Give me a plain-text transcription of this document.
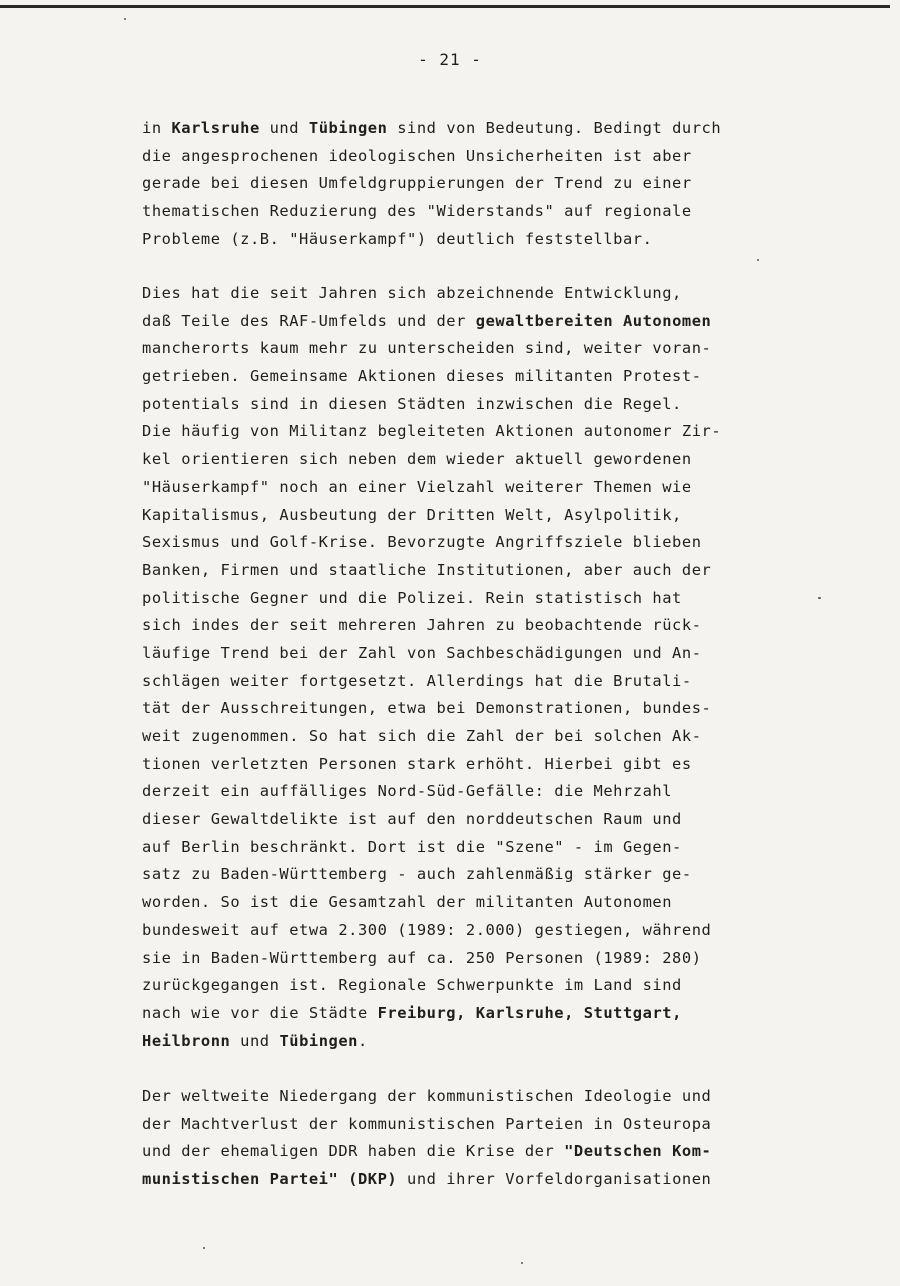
- 21 -

in Karlsruhe und Tübingen sind von Bedeutung. Bedingt durch
die angesprochenen ideologischen Unsicherheiten ist aber
gerade bei diesen Umfeldgruppierungen der Trend zu einer
thematischen Reduzierung des "Widerstands" auf regionale
Probleme (z.B. "Häuserkampf") deutlich feststellbar.

Dies hat die seit Jahren sich abzeichnende Entwicklung,
daß Teile des RAF-Umfelds und der gewaltbereiten Autonomen
mancherorts kaum mehr zu unterscheiden sind, weiter voran-
getrieben. Gemeinsame Aktionen dieses militanten Protest-
potentials sind in diesen Städten inzwischen die Regel.
Die häufig von Militanz begleiteten Aktionen autonomer Zir-
kel orientieren sich neben dem wieder aktuell gewordenen
"Häuserkampf" noch an einer Vielzahl weiterer Themen wie
Kapitalismus, Ausbeutung der Dritten Welt, Asylpolitik,
Sexismus und Golf-Krise. Bevorzugte Angriffsziele blieben
Banken, Firmen und staatliche Institutionen, aber auch der
politische Gegner und die Polizei. Rein statistisch hat
sich indes der seit mehreren Jahren zu beobachtende rück-
läufige Trend bei der Zahl von Sachbeschädigungen und An-
schlägen weiter fortgesetzt. Allerdings hat die Brutali-
tät der Ausschreitungen, etwa bei Demonstrationen, bundes-
weit zugenommen. So hat sich die Zahl der bei solchen Ak-
tionen verletzten Personen stark erhöht. Hierbei gibt es
derzeit ein auffälliges Nord-Süd-Gefälle: die Mehrzahl
dieser Gewaltdelikte ist auf den norddeutschen Raum und
auf Berlin beschränkt. Dort ist die "Szene" - im Gegen-
satz zu Baden-Württemberg - auch zahlenmäßig stärker ge-
worden. So ist die Gesamtzahl der militanten Autonomen
bundesweit auf etwa 2.300 (1989: 2.000) gestiegen, während
sie in Baden-Württemberg auf ca. 250 Personen (1989: 280)
zurückgegangen ist. Regionale Schwerpunkte im Land sind
nach wie vor die Städte Freiburg, Karlsruhe, Stuttgart,
Heilbronn und Tübingen.

Der weltweite Niedergang der kommunistischen Ideologie und
der Machtverlust der kommunistischen Parteien in Osteuropa
und der ehemaligen DDR haben die Krise der "Deutschen Kom-
munistischen Partei" (DKP) und ihrer Vorfeldorganisationen
